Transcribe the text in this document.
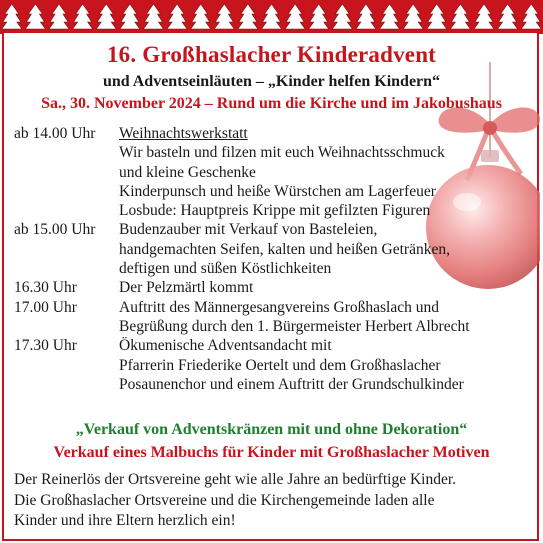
16. Großhaslacher Kinderadvent
und Adventseinläuten – „Kinder helfen Kindern“
Sa., 30. November 2024 – Rund um die Kirche und im Jakobushaus
ab 14.00 Uhr	Weihnachtswerkstatt
Wir basteln und filzen mit euch Weihnachtsschmuck
und kleine Geschenke
Kinderpunsch und heiße Würstchen am Lagerfeuer
Losbude: Hauptpreis Krippe mit gefilzten Figuren
ab 15.00 Uhr	Budenzauber mit Verkauf von Basteleien,
handgemachten Seifen, kalten und heißen Getränken,
deftigen und süßen Köstlichkeiten
16.30 Uhr	Der Pelzmärtl kommt
17.00 Uhr	Auftritt des Männergesangvereins Großhaslach und
Begrüßung durch den 1. Bürgermeister Herbert Albrecht
17.30 Uhr	Ökumenische Adventsandacht mit
Pfarrerin Friederike Oertelt und dem Großhaslacher
Posaunenchor und einem Auftritt der Grundschulkinder
„Verkauf von Adventskränzen mit und ohne Dekoration“
Verkauf eines Malbuchs für Kinder mit Großhaslacher Motiven
Der Reinerlös der Ortsvereine geht wie alle Jahre an bedürftige Kinder.
Die Großhaslacher Ortsvereine und die Kirchengemeinde laden alle
Kinder und ihre Eltern herzlich ein!
